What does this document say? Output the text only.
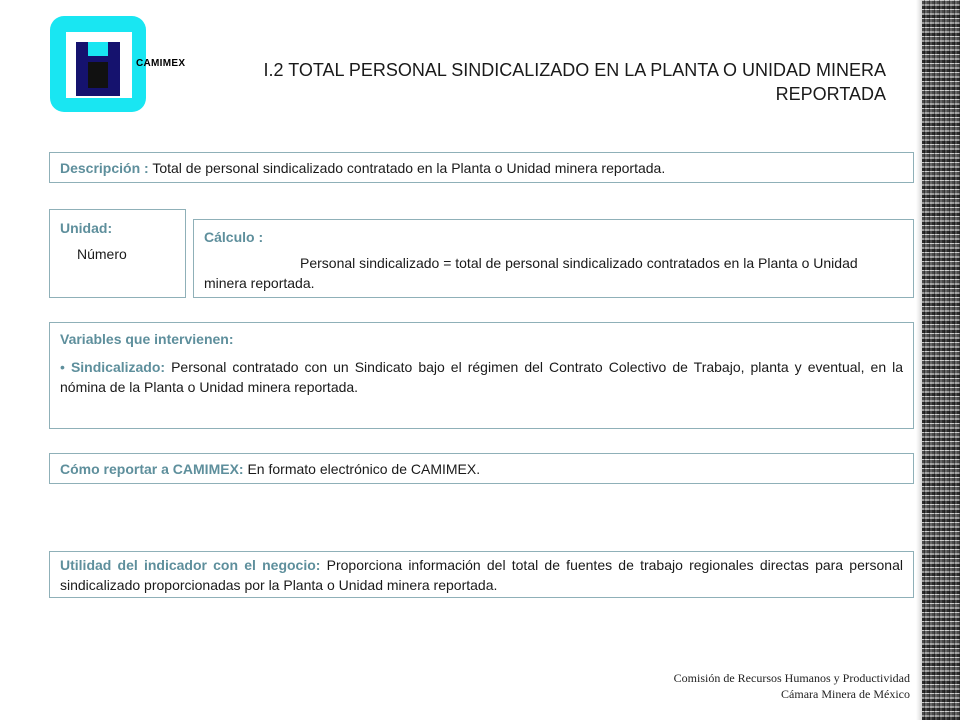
CAMIMEX	I.2 TOTAL PERSONAL SINDICALIZADO EN LA PLANTA O UNIDAD MINERA REPORTADA
Descripción : Total de personal sindicalizado contratado en la Planta o Unidad minera reportada.
Unidad:
Número
Cálculo :
Personal sindicalizado = total de personal sindicalizado contratados en la Planta o Unidad minera reportada.
Variables que intervienen:
• Sindicalizado: Personal contratado con un Sindicato bajo el régimen del Contrato Colectivo de Trabajo, planta y eventual, en la nómina de la Planta o Unidad minera reportada.
Cómo reportar a CAMIMEX: En formato electrónico de CAMIMEX.
Utilidad del indicador con el negocio: Proporciona información del total de fuentes de trabajo regionales directas para personal sindicalizado proporcionadas por la Planta o Unidad minera reportada.
Comisión de Recursos Humanos y Productividad
Cámara Minera de México
